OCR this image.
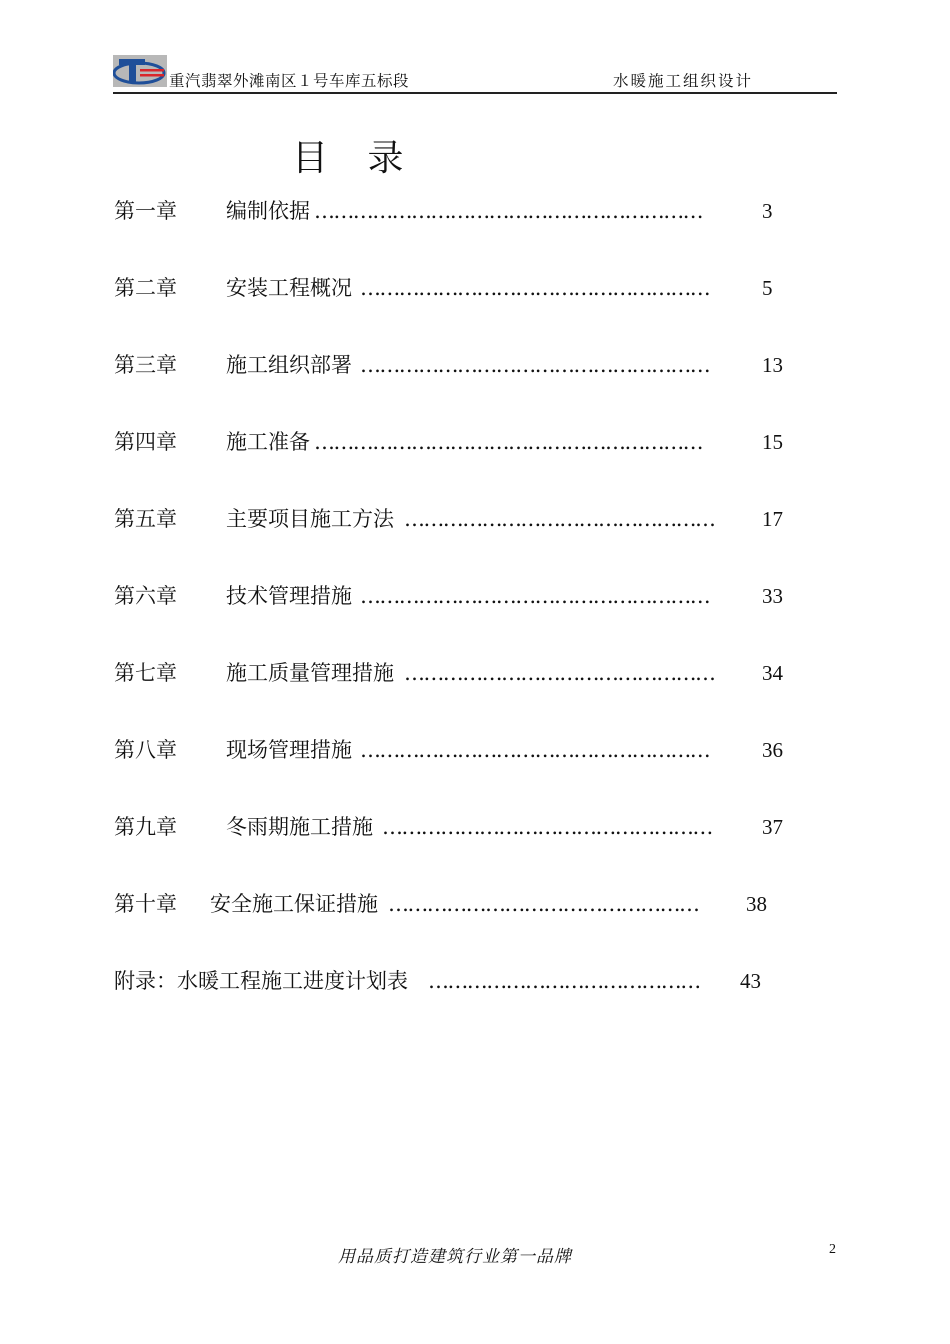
重汽翡翠外滩南区１号车库五标段	水暖施工组织设计
目 录
第一章 编制依据 ……………………………………………………	3
第二章 安装工程概况 ………………………………………………	5
第三章 施工组织部署 ………………………………………………	13
第四章 施工准备 ……………………………………………………	15
第五章 主要项目施工方法 …………………………………………	17
第六章 技术管理措施 ………………………………………………	33
第七章 施工质量管理措施 …………………………………………	34
第八章 现场管理措施 ………………………………………………	36
第九章 冬雨期施工措施 ……………………………………………	37
第十章 安全施工保证措施 …………………………………………	38
附录：水暖工程施工进度计划表 ……………………………………	43
用品质打造建筑行业第一品牌	2
